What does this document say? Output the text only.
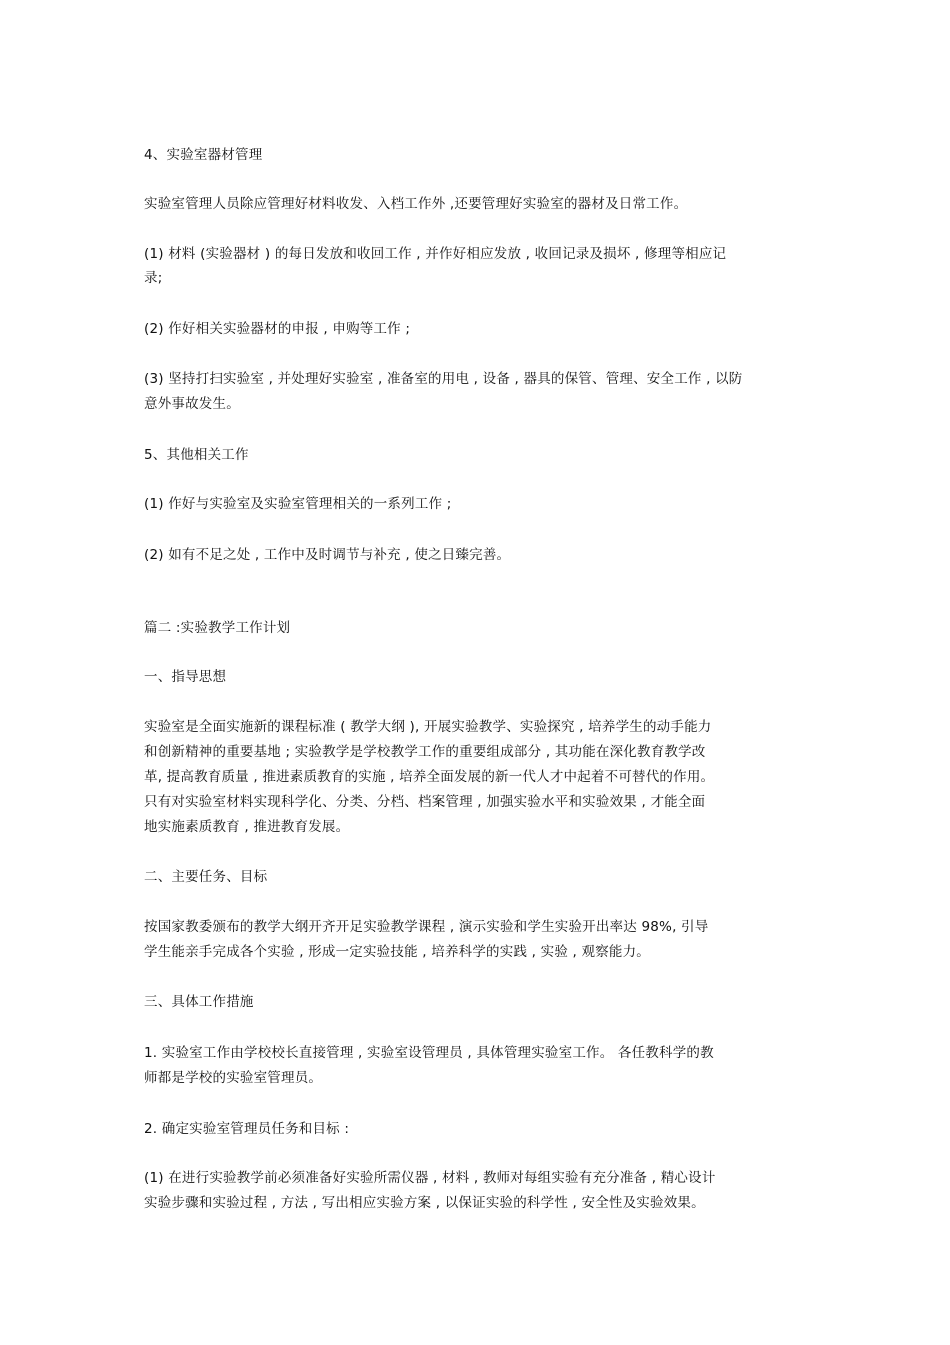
4、实验室器材管理
实验室管理人员除应管理好材料收发、入档工作外 ,还要管理好实验室的器材及日常工作。
(1) 材料 (实验器材 ) 的每日发放和收回工作 , 并作好相应发放 , 收回记录及损坏 , 修理等相应记
录;
(2) 作好相关实验器材的申报 , 申购等工作 ;
(3) 坚持打扫实验室 , 并处理好实验室 , 准备室的用电 , 设备 , 器具的保管、管理、安全工作 , 以防
意外事故发生。
5、其他相关工作
(1) 作好与实验室及实验室管理相关的一系列工作 ;
(2) 如有不足之处 , 工作中及时调节与补充 , 使之日臻完善。
篇二 :实验教学工作计划
一、指导思想
实验室是全面实施新的课程标准 ( 教学大纲 ), 开展实验教学、实验探究 , 培养学生的动手能力
和创新精神的重要基地 ; 实验教学是学校教学工作的重要组成部分 , 其功能在深化教育教学改
革, 提高教育质量 , 推进素质教育的实施 , 培养全面发展的新一代人才中起着不可替代的作用。
只有对实验室材料实现科学化、分类、分档、档案管理 , 加强实验水平和实验效果 , 才能全面
地实施素质教育 , 推进教育发展。
二、主要任务、目标
按国家教委颁布的教学大纲开齐开足实验教学课程 , 演示实验和学生实验开出率达 98%, 引导
学生能亲手完成各个实验 , 形成一定实验技能 , 培养科学的实践 , 实验 , 观察能力。
三、具体工作措施
1. 实验室工作由学校校长直接管理 , 实验室设管理员 , 具体管理实验室工作。 各任教科学的教
师都是学校的实验室管理员。
2. 确定实验室管理员任务和目标 :
(1) 在进行实验教学前必须准备好实验所需仪器 , 材料 , 教师对每组实验有充分准备 , 精心设计
实验步骤和实验过程 , 方法 , 写出相应实验方案 , 以保证实验的科学性 , 安全性及实验效果。
